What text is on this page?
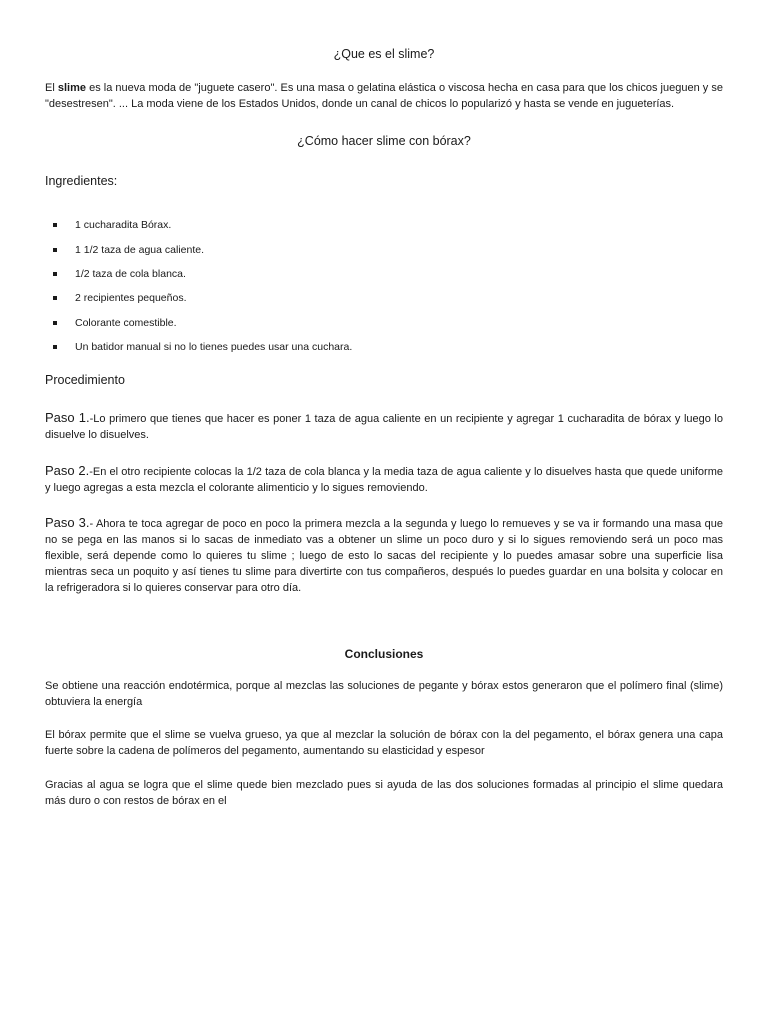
¿Que es el slime?

El slime es la nueva moda de "juguete casero". Es una masa o gelatina elástica o viscosa hecha en casa para que los chicos jueguen y se "desestresen". ... La moda viene de los Estados Unidos, donde un canal de chicos lo popularizó y hasta se vende en jugueterías.

¿Cómo hacer slime con bórax?
Ingredientes:
1 cucharadita Bórax.
1 1/2 taza de agua caliente.
1/2 taza de cola blanca.
2 recipientes pequeños.
Colorante comestible.
Un batidor manual si no lo tienes puedes usar una cuchara.
Procedimiento

Paso 1.-Lo primero que tienes que hacer es poner 1 taza de agua caliente en un recipiente y agregar 1 cucharadita de bórax y luego lo disuelve lo disuelves.

Paso 2.-En el otro recipiente colocas la 1/2 taza de cola blanca y la media taza de agua caliente y lo disuelves hasta que quede uniforme y luego agregas a esta mezcla el colorante alimenticio y lo sigues removiendo.

Paso 3.- Ahora te toca agregar de poco en poco la primera mezcla a la segunda y luego lo remueves y se va ir formando una masa que no se pega en las manos si lo sacas de inmediato vas a obtener un slime un poco duro y si lo sigues removiendo será un poco mas flexible, será depende como lo quieres tu slime ; luego de esto lo sacas del recipiente y lo puedes amasar sobre una superficie lisa mientras seca un poquito y así tienes tu slime para divertirte con tus compañeros, después lo puedes guardar en una bolsita y colocar en la refrigeradora si lo quieres conservar para otro día.

Conclusiones

Se obtiene una reacción endotérmica, porque al mezclas las soluciones de pegante y bórax estos generaron que el polímero final (slime) obtuviera la energía

El bórax permite que el slime se vuelva grueso, ya que al mezclar la solución de bórax con la del pegamento, el bórax genera una capa fuerte sobre la cadena de polímeros del pegamento, aumentando su elasticidad y espesor

Gracias al agua se logra que el slime quede bien mezclado pues si ayuda de las dos soluciones formadas al principio el slime quedara más duro o con restos de bórax en el
